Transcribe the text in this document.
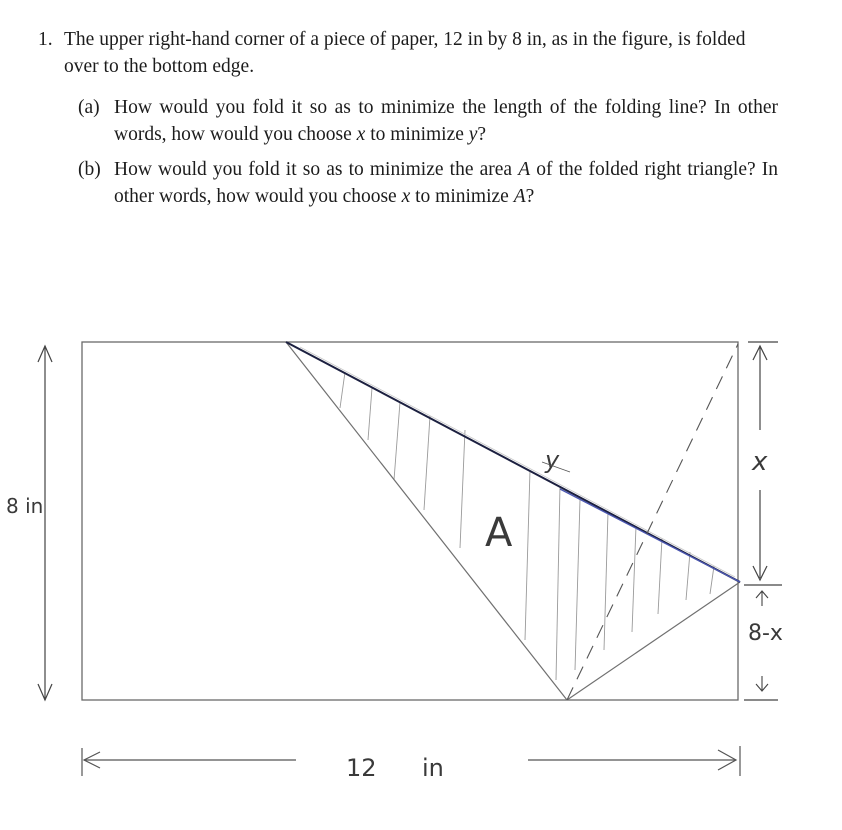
1. The upper right-hand corner of a piece of paper, 12 in by 8 in, as in the figure, is folded over to the bottom edge.
(a) How would you fold it so as to minimize the length of the folding line? In other words, how would you choose x to minimize y?
(b) How would you fold it so as to minimize the area A of the folded right triangle? In other words, how would you choose x to minimize A?
y
A
8 in
12 in
x
8-x
